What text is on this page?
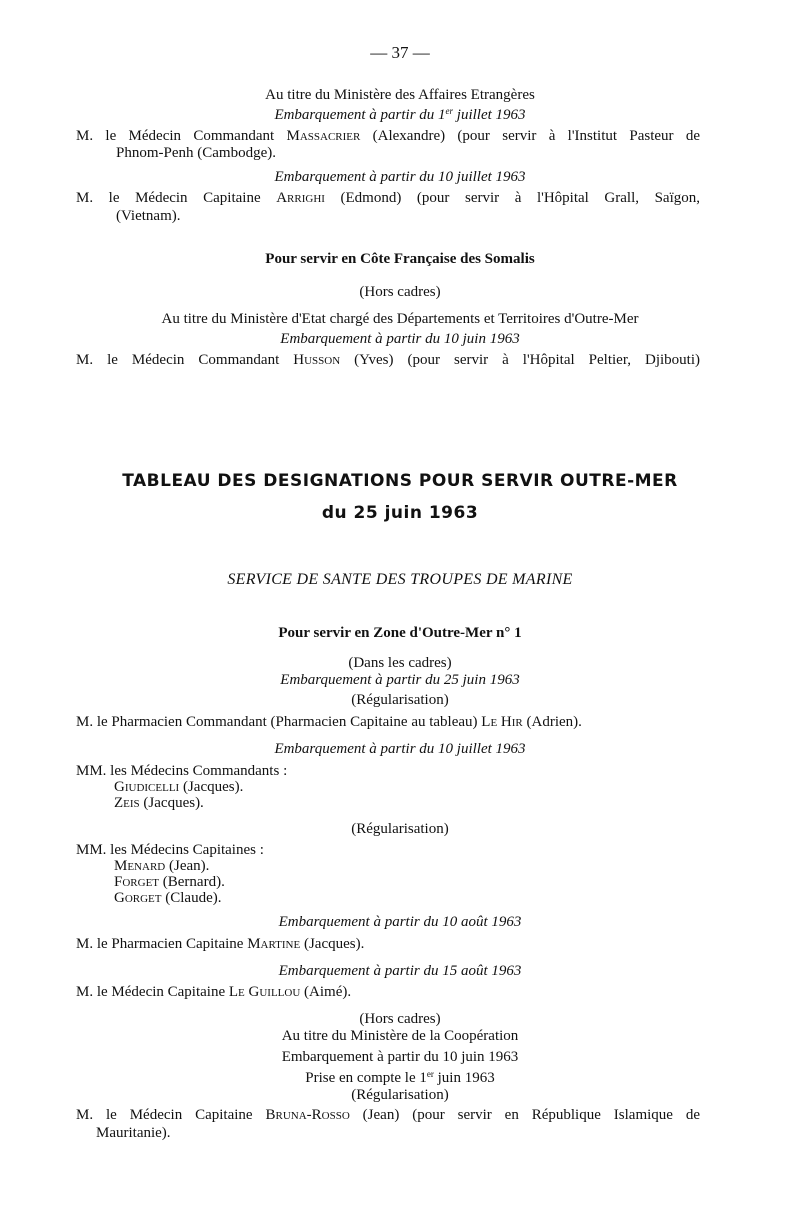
— 37 —
Au titre du Ministère des Affaires Etrangères
Embarquement à partir du 1er juillet 1963
M. le Médecin Commandant Massacrier (Alexandre) (pour servir à l'Institut Pasteur de
Phnom-Penh (Cambodge).
Embarquement à partir du 10 juillet 1963
M. le Médecin Capitaine Arrighi (Edmond) (pour servir à l'Hôpital Grall, Saïgon,
(Vietnam).
Pour servir en Côte Française des Somalis
(Hors cadres)
Au titre du Ministère d'Etat chargé des Départements et Territoires d'Outre-Mer
Embarquement à partir du 10 juin 1963
M. le Médecin Commandant Husson (Yves) (pour servir à l'Hôpital Peltier, Djibouti)
TABLEAU DES DESIGNATIONS POUR SERVIR OUTRE-MER
du 25 juin 1963
SERVICE DE SANTE DES TROUPES DE MARINE
Pour servir en Zone d'Outre-Mer n° 1
(Dans les cadres)
Embarquement à partir du 25 juin 1963
(Régularisation)
M. le Pharmacien Commandant (Pharmacien Capitaine au tableau) Le Hir (Adrien).
Embarquement à partir du 10 juillet 1963
MM. les Médecins Commandants :
Giudicelli (Jacques).
Zeis (Jacques).
(Régularisation)
MM. les Médecins Capitaines :
Menard (Jean).
Forget (Bernard).
Gorget (Claude).
Embarquement à partir du 10 août 1963
M. le Pharmacien Capitaine Martine (Jacques).
Embarquement à partir du 15 août 1963
M. le Médecin Capitaine Le Guillou (Aimé).
(Hors cadres)
Au titre du Ministère de la Coopération
Embarquement à partir du 10 juin 1963
Prise en compte le 1er juin 1963
(Régularisation)
M. le Médecin Capitaine Bruna-Rosso (Jean) (pour servir en République Islamique de
Mauritanie).
